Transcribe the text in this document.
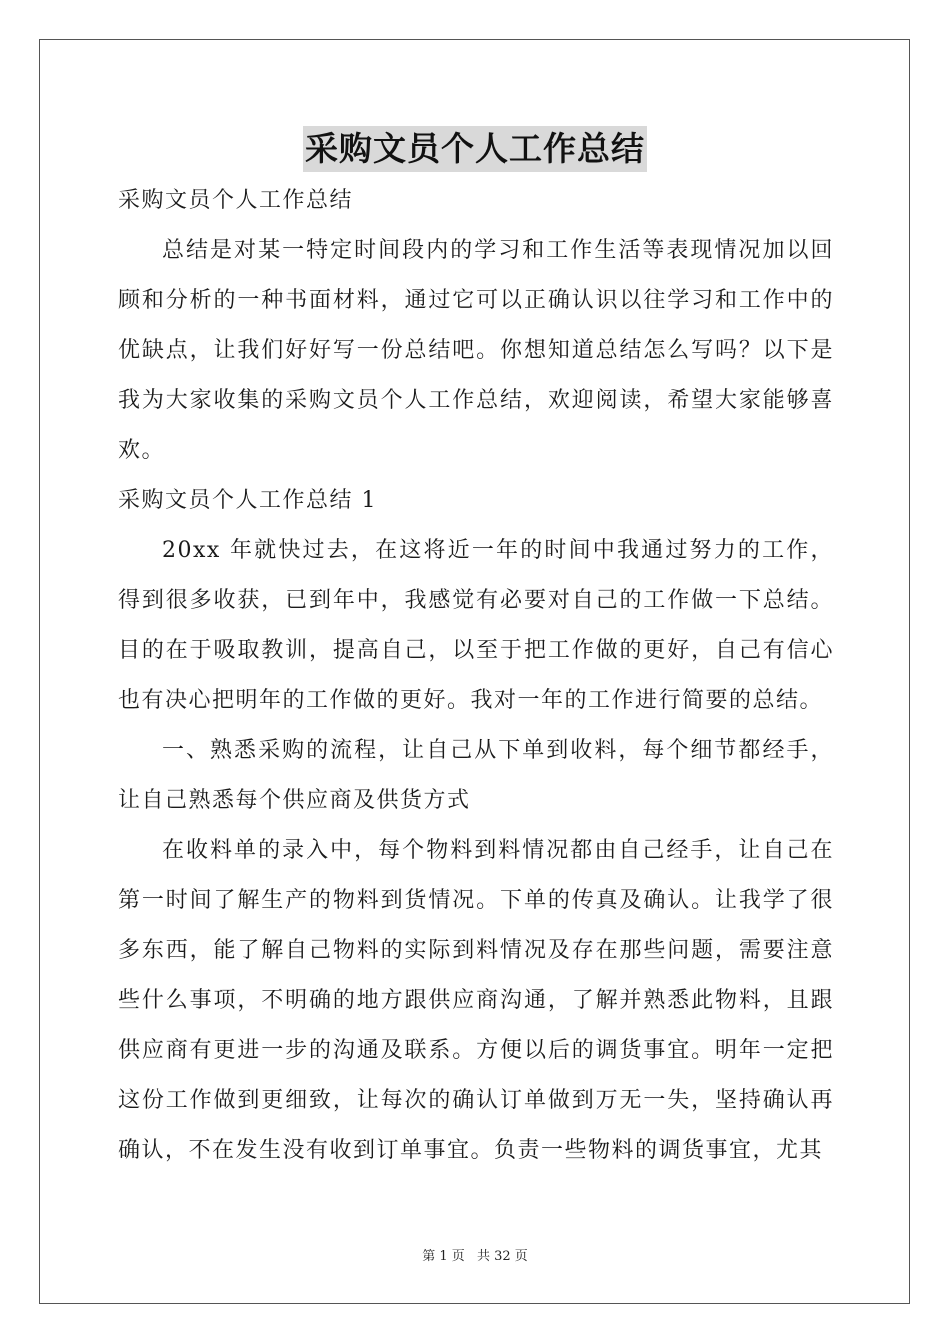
采购文员个人工作总结

采购文员个人工作总结

总结是对某一特定时间段内的学习和工作生活等表现情况加以回顾和分析的一种书面材料，通过它可以正确认识以往学习和工作中的优缺点，让我们好好写一份总结吧。你想知道总结怎么写吗？以下是我为大家收集的采购文员个人工作总结，欢迎阅读，希望大家能够喜欢。

采购文员个人工作总结 1

20xx 年就快过去，在这将近一年的时间中我通过努力的工作，得到很多收获，已到年中，我感觉有必要对自己的工作做一下总结。目的在于吸取教训，提高自己，以至于把工作做的更好，自己有信心也有决心把明年的工作做的更好。我对一年的工作进行简要的总结。

一、熟悉采购的流程，让自己从下单到收料，每个细节都经手，让自己熟悉每个供应商及供货方式

在收料单的录入中，每个物料到料情况都由自己经手，让自己在第一时间了解生产的物料到货情况。下单的传真及确认。让我学了很多东西，能了解自己物料的实际到料情况及存在那些问题，需要注意些什么事项，不明确的地方跟供应商沟通，了解并熟悉此物料，且跟供应商有更进一步的沟通及联系。方便以后的调货事宜。明年一定把这份工作做到更细致，让每次的确认订单做到万无一失，坚持确认再确认，不在发生没有收到订单事宜。负责一些物料的调货事宜，尤其

第 1 页 共 32 页
